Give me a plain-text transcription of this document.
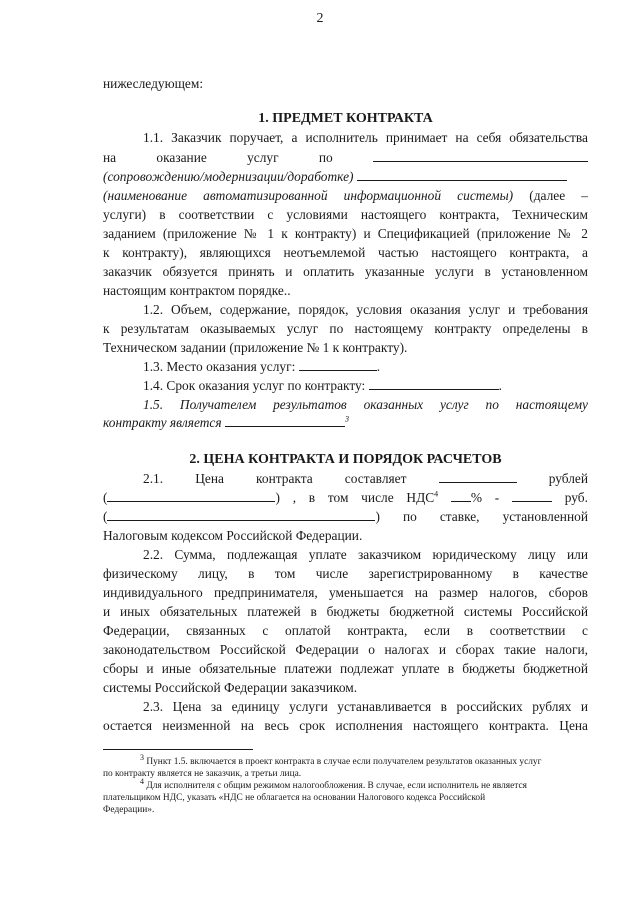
2
нижеследующем:
1. ПРЕДМЕТ КОНТРАКТА
1.1. Заказчик поручает, а исполнитель принимает на себя обязательства
на	оказание	услуг	по
(сопровождению/модернизации/доработке)
(наименование автоматизированной информационной системы) (далее –
услуги) в соответствии с условиями настоящего контракта, Техническим
заданием (приложение № 1 к контракту) и Спецификацией (приложение № 2
к контракту), являющихся неотъемлемой частью настоящего контракта, а
заказчик обязуется принять и оплатить указанные услуги в установленном
настоящим контрактом порядке..
1.2. Объем, содержание, порядок, условия оказания услуг и требования
к результатам оказываемых услуг по настоящему контракту определены в
Техническом задании (приложение № 1 к контракту).
1.3. Место оказания услуг:	.
1.4. Срок оказания услуг по контракту:	.
1.5. Получателем результатов оказанных услуг по настоящему
контракту является	$^3$
2. ЦЕНА КОНТРАКТА И ПОРЯДОК РАСЧЕТОВ
2.1. Цена контракта составляет	рублей
(	) , в том числе НДС$^4$ % -	руб.
(	) по ставке, установленной
Налоговым кодексом Российской Федерации.
2.2. Сумма, подлежащая уплате заказчиком юридическому лицу или
физическому лицу, в том числе зарегистрированному в качестве
индивидуального предпринимателя, уменьшается на размер налогов, сборов
и иных обязательных платежей в бюджеты бюджетной системы Российской
Федерации, связанных с оплатой контракта, если в соответствии с
законодательством Российской Федерации о налогах и сборах такие налоги,
сборы и иные обязательные платежи подлежат уплате в бюджеты бюджетной
системы Российской Федерации заказчиком.
2.3. Цена за единицу услуги устанавливается в российских рублях и
остается неизменной на весь срок исполнения настоящего контракта. Цена
$^3$ Пункт 1.5. включается в проект контракта в случае если получателем результатов оказанных услуг
по контракту является не заказчик, а третьи лица.
$^4$ Для исполнителя с общим режимом налогообложения. В случае, если исполнитель не является
плательщиком НДС, указать «НДС не облагается на основании Налогового кодекса Российской
Федерации».
